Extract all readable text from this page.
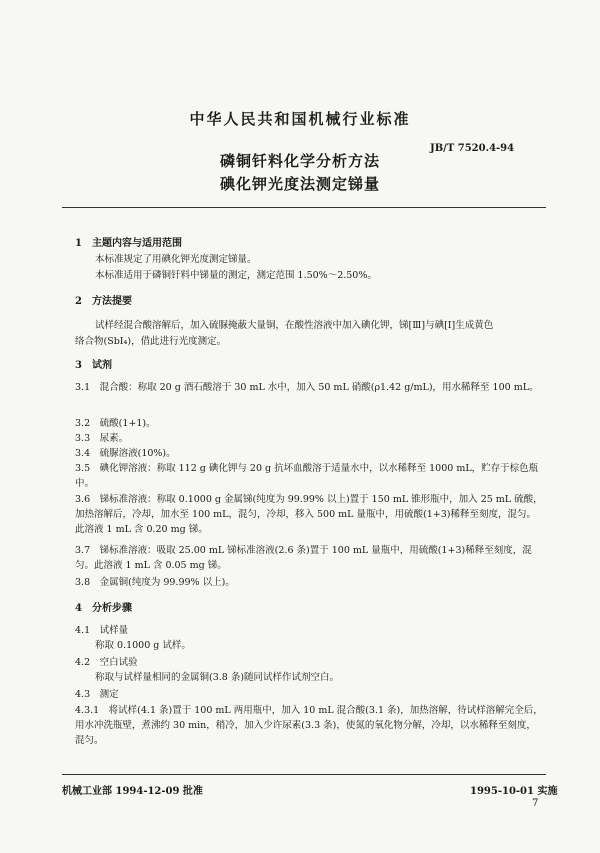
中华人民共和国机械行业标准
JB/T 7520.4-94
磷铜钎料化学分析方法
碘化钾光度法测定锑量
1　主题内容与适用范围
本标准规定了用碘化钾光度测定锑量。
本标准适用于磷铜钎料中锑量的测定，测定范围 1.50%～2.50%。
2　方法提要
试样经混合酸溶解后，加入硫脲掩蔽大量铜，在酸性溶液中加入碘化钾，锑[Ⅲ]与碘[Ⅰ]生成黄色
络合物(SbI₄)，借此进行光度测定。
3　试剂
3.1　混合酸：称取 20 g 酒石酸溶于 30 mL 水中，加入 50 mL 硝酸(ρ1.42 g/mL)，用水稀释至 100 mL。
3.2　硫酸(1+1)。
3.3　尿素。
3.4　硫脲溶液(10%)。
3.5　碘化钾溶液：称取 112 g 碘化钾与 20 g 抗坏血酸溶于适量水中，以水稀释至 1000 mL，贮存于棕色瓶中。
3.6　锑标准溶液：称取 0.1000 g 金属锑(纯度为 99.99% 以上)置于 150 mL 锥形瓶中，加入 25 mL 硫酸，加热溶解后，冷却，加水至 100 mL，混匀，冷却，移入 500 mL 量瓶中，用硫酸(1+3)稀释至刻度，混匀。此溶液 1 mL 含 0.20 mg 锑。
3.7　锑标准溶液：吸取 25.00 mL 锑标准溶液(2.6 条)置于 100 mL 量瓶中，用硫酸(1+3)稀释至刻度，混匀。此溶液 1 mL 含 0.05 mg 锑。
3.8　金属铜(纯度为 99.99% 以上)。
4　分析步骤
4.1　试样量
称取 0.1000 g 试样。
4.2　空白试验
称取与试样量相同的金属铜(3.8 条)随同试样作试剂空白。
4.3　测定
4.3.1　将试样(4.1 条)置于 100 mL 两用瓶中，加入 10 mL 混合酸(3.1 条)，加热溶解，待试样溶解完全后，用水冲洗瓶壁，煮沸约 30 min，稍冷，加入少许尿素(3.3 条)，使氮的氧化物分解，冷却，以水稀释至刻度，混匀。
机械工业部 1994-12-09 批准	1995-10-01 实施
7
